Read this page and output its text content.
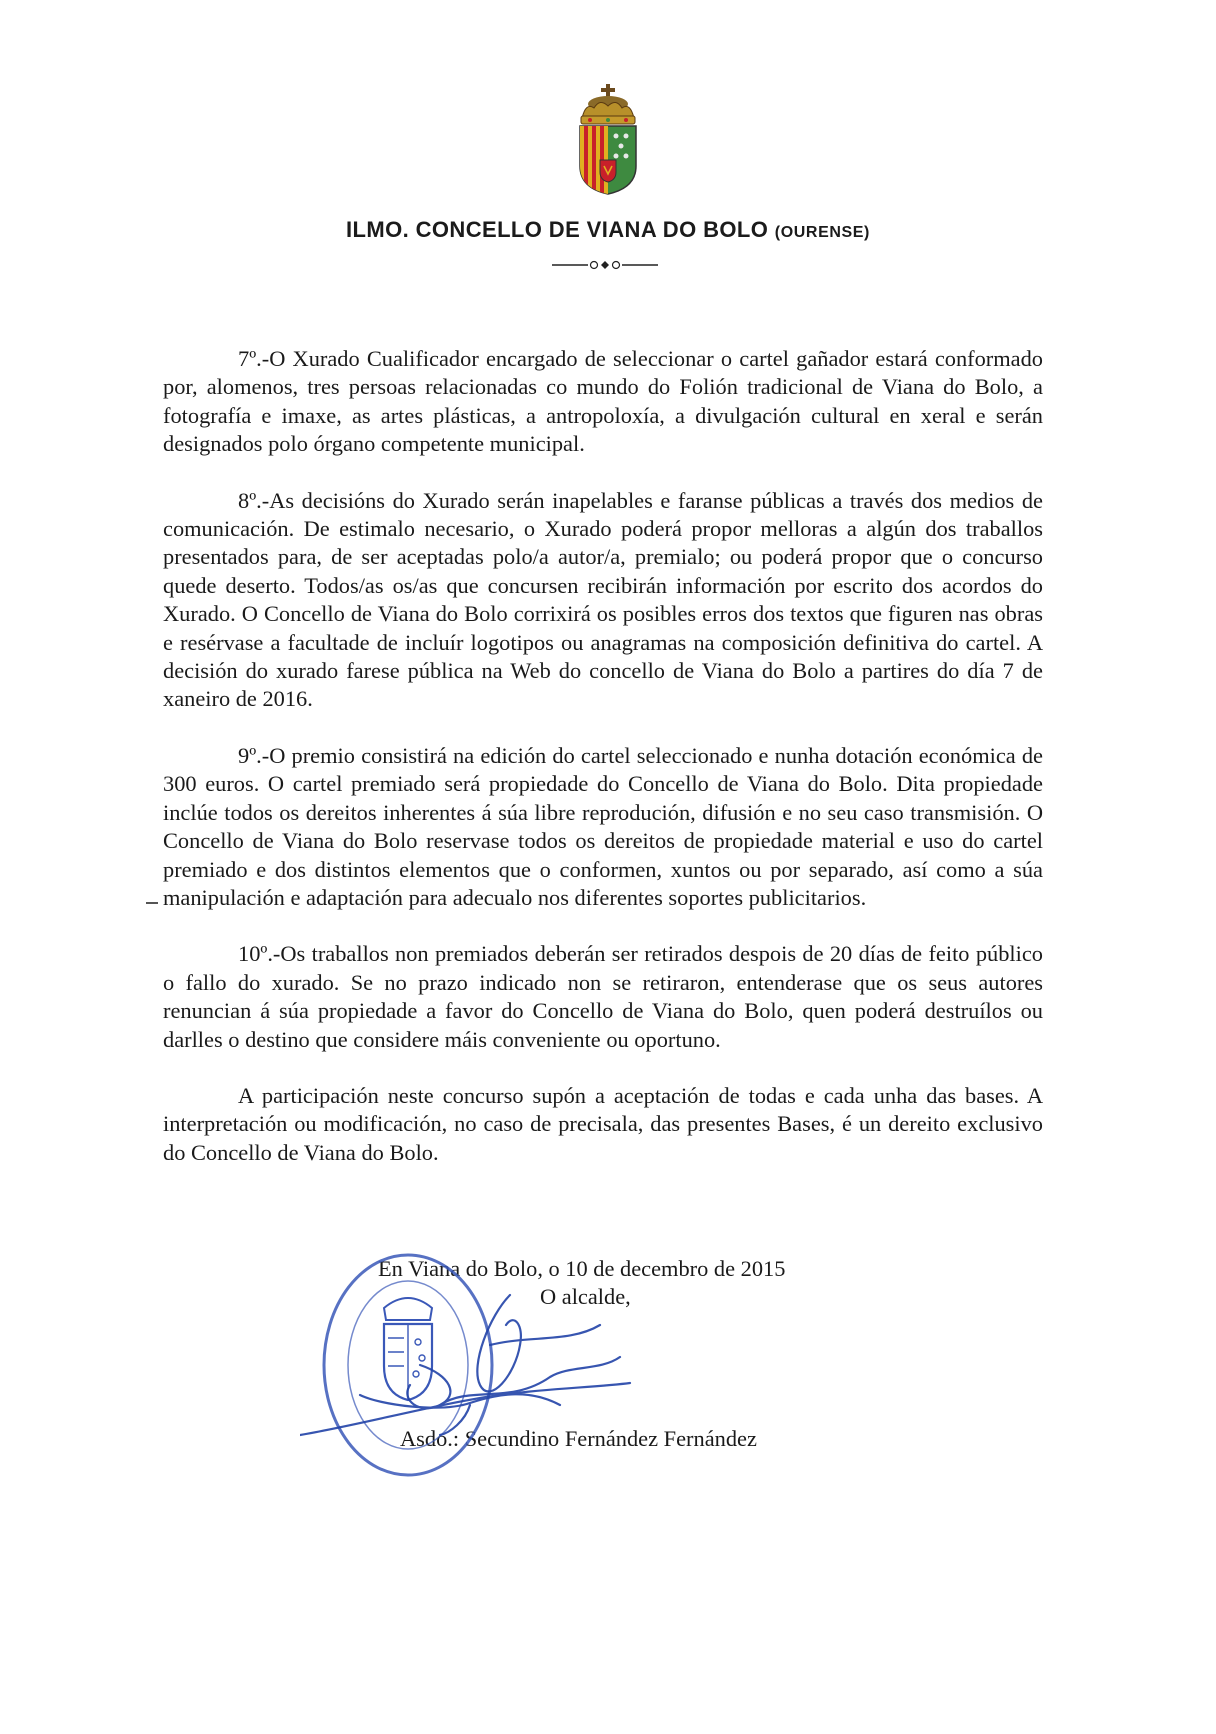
ILMO. CONCELLO DE VIANA DO BOLO (OURENSE)

7º.-O Xurado Cualificador encargado de seleccionar o cartel gañador estará conformado por, alomenos, tres persoas relacionadas co mundo do Folión tradicional de Viana do Bolo, a fotografía e imaxe, as artes plásticas, a antropoloxía, a divulgación cultural en xeral e serán designados polo órgano competente municipal.

8º.-As decisións do Xurado serán inapelables e faranse públicas a través dos medios de comunicación. De estimalo necesario, o Xurado poderá propor melloras a algún dos traballos presentados para, de ser aceptadas polo/a autor/a, premialo; ou poderá propor que o concurso quede deserto. Todos/as os/as que concursen recibirán información por escrito dos acordos do Xurado. O Concello de Viana do Bolo corrixirá os posibles erros dos textos que figuren nas obras e resérvase a facultade de incluír logotipos ou anagramas na composición definitiva do cartel. A decisión do xurado farese pública na Web do concello de Viana do Bolo a partires do día 7 de xaneiro de 2016.

9º.-O premio consistirá na edición do cartel seleccionado e nunha dotación económica de 300 euros. O cartel premiado será propiedade do Concello de Viana do Bolo. Dita propiedade inclúe todos os dereitos inherentes á súa libre reprodución, difusión e no seu caso transmisión. O Concello de Viana do Bolo reservase todos os dereitos de propiedade material e uso do cartel premiado e dos distintos elementos que o conformen, xuntos ou por separado, así como a súa manipulación e adaptación para adecualo nos diferentes soportes publicitarios.

10º.-Os traballos non premiados deberán ser retirados despois de 20 días de feito público o fallo do xurado. Se no prazo indicado non se retiraron, entenderase que os seus autores renuncian á súa propiedade a favor do Concello de Viana do Bolo, quen poderá destruílos ou darlles o destino que considere máis conveniente ou oportuno.

A participación neste concurso supón a aceptación de todas e cada unha das bases. A interpretación ou modificación, no caso de precisala, das presentes Bases, é un dereito exclusivo do Concello de Viana do Bolo.

En Viana do Bolo, o 10 de decembro de 2015
O alcalde,
Asdo.: Secundino Fernández Fernández
